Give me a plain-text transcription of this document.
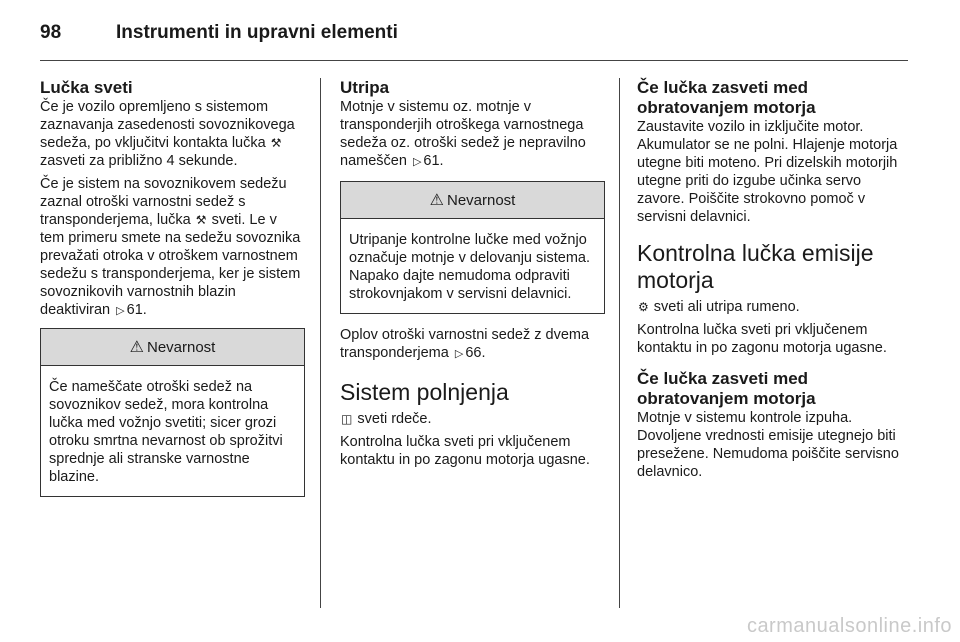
98	Instrumenti in upravni elementi
Lučka sveti

Če je vozilo opremljeno s sistemom zaznavanja zasedenosti sovoznikovega sedeža, po vključitvi kontakta lučka ⚒ zasveti za približno 4 sekunde.

Če je sistem na sovoznikovem sedežu zaznal otroški varnostni sedež s transponderjema, lučka ⚒ sveti. Le v tem primeru smete na sedežu sovoznika prevažati otroka v otroškem varnostnem sedežu s transponderjema, ker je sistem sovoznikovih varnostnih blazin deaktiviran ▷ 61.

⚠ Nevarnost

Če nameščate otroški sedež na sovoznikov sedež, mora kontrolna lučka med vožnjo svetiti; sicer grozi otroku smrtna nevarnost ob sprožitvi sprednje ali stranske varnostne blazine.

Utripa

Motnje v sistemu oz. motnje v transponderjih otroškega varnostnega sedeža oz. otroški sedež je nepravilno nameščen ▷ 61.

⚠ Nevarnost

Utripanje kontrolne lučke med vožnjo označuje motnje v delovanju sistema. Napako dajte nemudoma odpraviti strokovnjakom v servisni delavnici.

Oplov otroški varnostni sedež z dvema transponderjema ▷ 66.

Sistem polnjenja

◫ sveti rdeče.

Kontrolna lučka sveti pri vključenem kontaktu in po zagonu motorja ugasne.

Če lučka zasveti med obratovanjem motorja

Zaustavite vozilo in izključite motor. Akumulator se ne polni. Hlajenje motorja utegne biti moteno. Pri dizelskih motorjih utegne priti do izgube učinka servo zavore. Poiščite strokovno pomoč v servisni delavnici.

Kontrolna lučka emisije motorja

⚙ sveti ali utripa rumeno.

Kontrolna lučka sveti pri vključenem kontaktu in po zagonu motorja ugasne.

Če lučka zasveti med obratovanjem motorja

Motnje v sistemu kontrole izpuha. Dovoljene vrednosti emisije utegnejo biti presežene. Nemudoma poiščite servisno delavnico.

carmanualsonline.info
